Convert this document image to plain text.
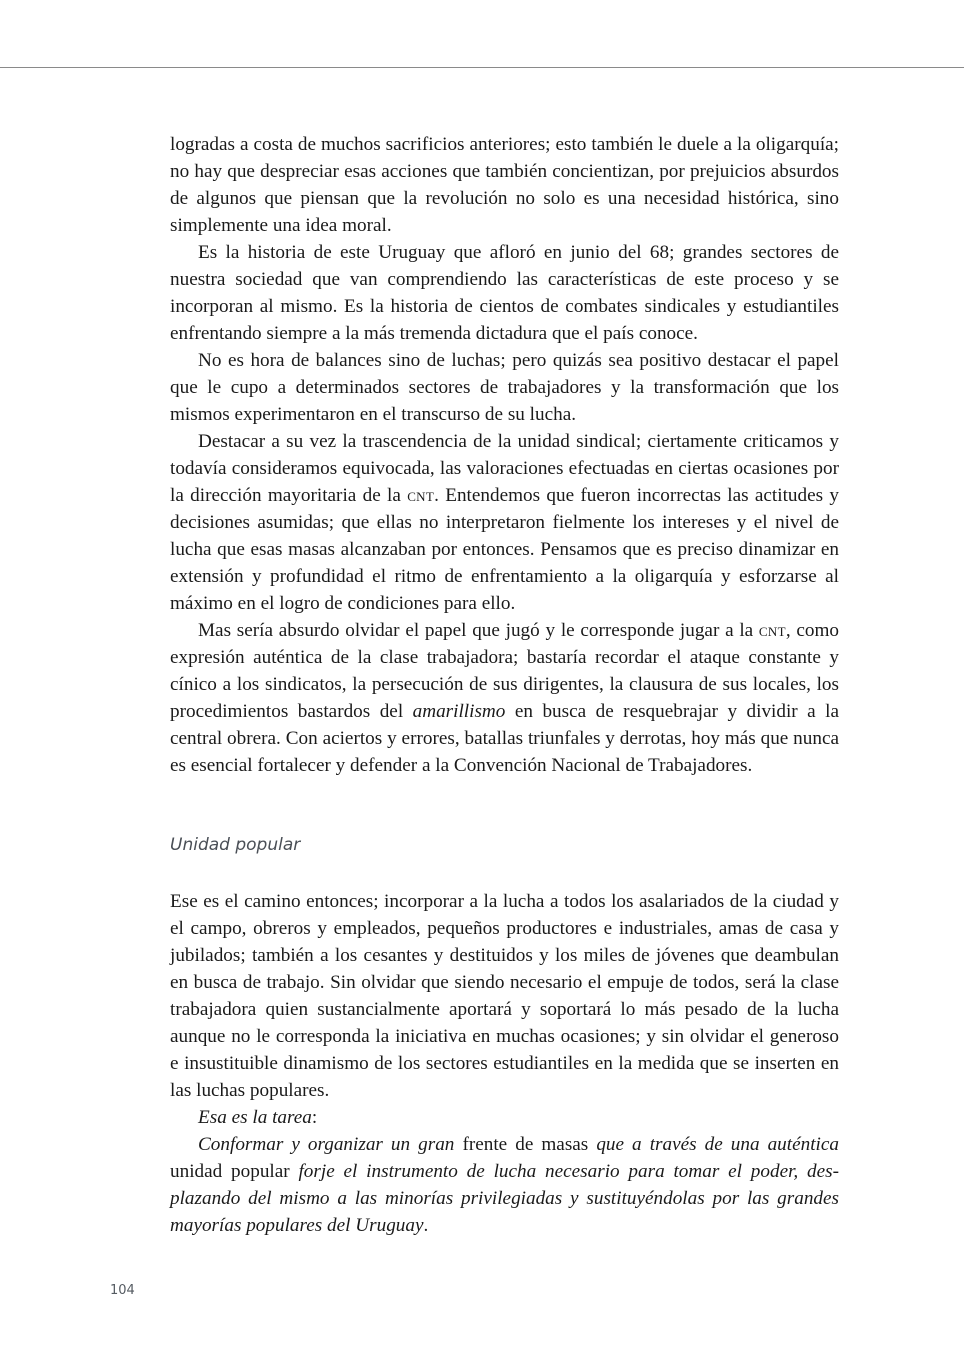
logradas a costa de muchos sacrificios anteriores; esto también le duele a la oligarquía; no hay que despreciar esas acciones que también concientizan, por prejuicios absurdos de algunos que piensan que la revolución no solo es una necesidad histórica, sino simplemente una idea moral.

Es la historia de este Uruguay que afloró en junio del 68; grandes sectores de nuestra sociedad que van comprendiendo las características de este proceso y se incorporan al mismo. Es la historia de cientos de combates sindicales y estudiantiles enfrentando siempre a la más tremenda dictadura que el país conoce.

No es hora de balances sino de luchas; pero quizás sea positivo destacar el papel que le cupo a determinados sectores de trabajadores y la transformación que los mismos experimentaron en el transcurso de su lucha.

Destacar a su vez la trascendencia de la unidad sindical; ciertamente criticamos y todavía consideramos equivocada, las valoraciones efectuadas en ciertas ocasiones por la dirección mayoritaria de la cnt. Entendemos que fueron incorrectas las actitudes y decisiones asumidas; que ellas no interpretaron fielmente los intereses y el nivel de lucha que esas masas alcanzaban por entonces. Pensamos que es preciso dinamizar en extensión y profundidad el ritmo de enfrentamiento a la oligarquía y esforzarse al máximo en el logro de condiciones para ello.

Mas sería absurdo olvidar el papel que jugó y le corresponde jugar a la cnt, como expresión auténtica de la clase trabajadora; bastaría recordar el ataque constante y cínico a los sindicatos, la persecución de sus dirigentes, la clausura de sus locales, los procedimientos bastardos del amarillismo en busca de resquebrajar y dividir a la central obrera. Con aciertos y errores, batallas triunfales y derrotas, hoy más que nunca es esencial fortalecer y defender a la Convención Nacional de Trabajadores.

Unidad popular

Ese es el camino entonces; incorporar a la lucha a todos los asalariados de la ciudad y el campo, obreros y empleados, pequeños productores e industriales, amas de casa y jubilados; también a los cesantes y destituidos y los miles de jóvenes que deambulan en busca de trabajo. Sin olvidar que siendo necesario el empuje de todos, será la clase trabajadora quien sustancialmente aportará y soportará lo más pesado de la lucha aunque no le corresponda la iniciativa en muchas ocasiones; y sin olvidar el generoso e insustituible dinamismo de los sectores estudiantiles en la medida que se inserten en las luchas populares.

Esa es la tarea:

Conformar y organizar un gran frente de masas que a través de una auténtica unidad popular forje el instrumento de lucha necesario para tomar el poder, desplazando del mismo a las minorías privilegiadas y sustituyéndolas por las grandes mayorías populares del Uruguay.

104
